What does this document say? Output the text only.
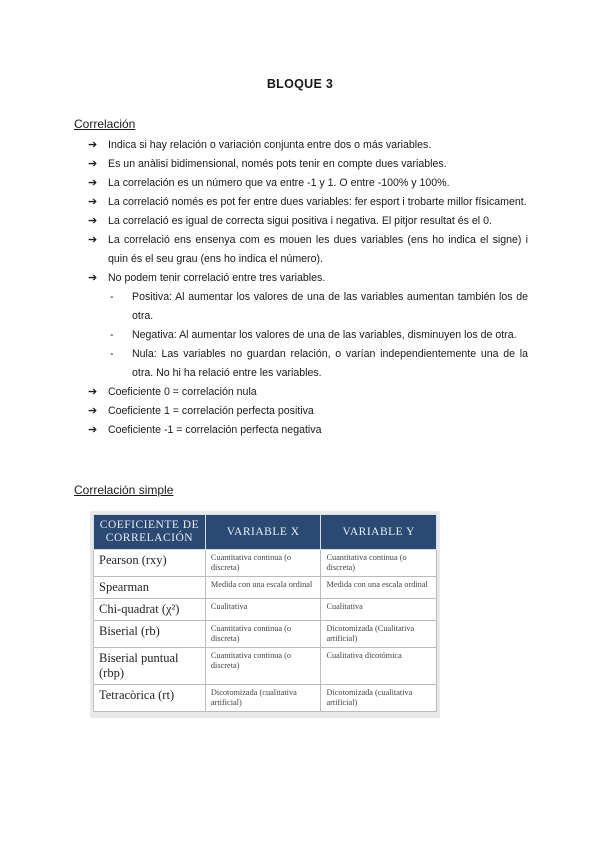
BLOQUE 3
Correlación

➔	Indica si hay relación o variación conjunta entre dos o más variables.

➔	Es un anàlisi bidimensional, només pots tenir en compte dues variables.

➔	La correlación es un número que va entre -1 y 1. O entre -100% y 100%.

➔	La correlació només es pot fer entre dues variables: fer esport i trobarte millor físicament.

➔	La correlació es igual de correcta sigui positiva i negativa. El pitjor resultat és el 0.

➔	La correlació ens ensenya com es mouen les dues variables (ens ho indica el signe) i quin és el seu grau (ens ho indica el número).

➔	No podem tenir correlació entre tres variables.

- Positiva: Al aumentar los valores de una de las variables aumentan también los de otra.
- Negativa: Al aumentar los valores de una de las variables, disminuyen los de otra.
- Nula: Las variables no guardan relación, o varían independientemente una de la otra. No hi ha relació entre les variables.

➔	Coeficiente 0 = correlación nula

➔	Coeficiente 1 = correlación perfecta positiva

➔	Coeficiente -1 = correlación perfecta negativa

Correlación simple
COEFICIENTE DE CORRELACIÓN	VARIABLE X	VARIABLE Y
Pearson (rxy)	Cuantitativa continua (o discreta)	Cuantitativa continua (o discreta)
Spearman	Medida con una escala ordinal	Medida con una escala ordinal
Chi-quadrat (χ²)	Cualitativa	Cualitativa
Biserial (rb)	Cuantitativa continua (o discreta)	Dicotomizada (Cualitativa artificial)
Biserial puntual (rbp)	Cuantitativa continua (o discreta)	Cualitativa dicotómica
Tetracòrica (rt)	Dicotomizada (cualitativa artificial)	Dicotomizada (cualitativa artificial)
